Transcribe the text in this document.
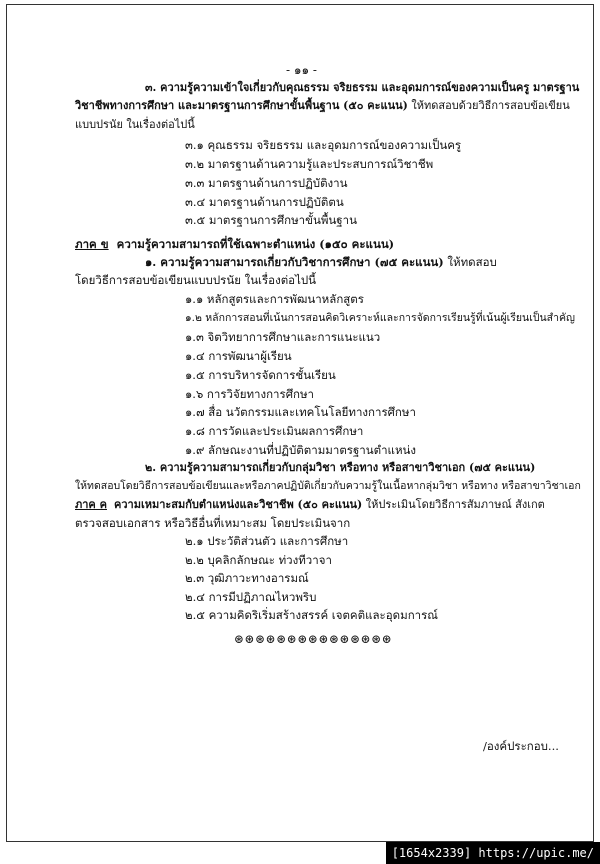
- ๑๑ -
๓. ความรู้ความเข้าใจเกี่ยวกับคุณธรรม จริยธรรม และอุดมการณ์ของความเป็นครู มาตรฐาน
วิชาชีพทางการศึกษา และมาตรฐานการศึกษาขั้นพื้นฐาน (๕๐ คะแนน) ให้ทดสอบด้วยวิธีการสอบข้อเขียน
แบบปรนัย ในเรื่องต่อไปนี้
๓.๑ คุณธรรม จริยธรรม และอุดมการณ์ของความเป็นครู
๓.๒ มาตรฐานด้านความรู้และประสบการณ์วิชาชีพ
๓.๓ มาตรฐานด้านการปฏิบัติงาน
๓.๔ มาตรฐานด้านการปฏิบัติตน
๓.๕ มาตรฐานการศึกษาขั้นพื้นฐาน
ภาค ข ความรู้ความสามารถที่ใช้เฉพาะตำแหน่ง (๑๕๐ คะแนน)
๑. ความรู้ความสามารถเกี่ยวกับวิชาการศึกษา (๗๕ คะแนน) ให้ทดสอบ
โดยวิธีการสอบข้อเขียนแบบปรนัย ในเรื่องต่อไปนี้
๑.๑ หลักสูตรและการพัฒนาหลักสูตร
๑.๒ หลักการสอนที่เน้นการสอนคิดวิเคราะห์และการจัดการเรียนรู้ที่เน้นผู้เรียนเป็นสำคัญ
๑.๓ จิตวิทยาการศึกษาและการแนะแนว
๑.๔ การพัฒนาผู้เรียน
๑.๕ การบริหารจัดการชั้นเรียน
๑.๖ การวิจัยทางการศึกษา
๑.๗ สื่อ นวัตกรรมและเทคโนโลยีทางการศึกษา
๑.๘ การวัดและประเมินผลการศึกษา
๑.๙ ลักษณะงานที่ปฏิบัติตามมาตรฐานตำแหน่ง
๒. ความรู้ความสามารถเกี่ยวกับกลุ่มวิชา หรือทาง หรือสาขาวิชาเอก (๗๕ คะแนน)
ให้ทดสอบโดยวิธีการสอบข้อเขียนและหรือภาคปฏิบัติเกี่ยวกับความรู้ในเนื้อหากลุ่มวิชา หรือทาง หรือสาขาวิชาเอก
ภาค ค ความเหมาะสมกับตำแหน่งและวิชาชีพ (๕๐ คะแนน) ให้ประเมินโดยวิธีการสัมภาษณ์ สังเกต
ตรวจสอบเอกสาร หรือวิธีอื่นที่เหมาะสม โดยประเมินจาก
๒.๑ ประวัติส่วนตัว และการศึกษา
๒.๒ บุคลิกลักษณะ ท่วงทีวาจา
๒.๓ วุฒิภาวะทางอารมณ์
๒.๔ การมีปฏิภาณไหวพริบ
๒.๕ ความคิดริเริ่มสร้างสรรค์ เจตคติและอุดมการณ์
⊛⊛⊛⊛⊛⊛⊛⊛⊛⊛⊛⊛⊛⊛⊛
/องค์ประกอบ...
[1654x2339] https://upic.me/
